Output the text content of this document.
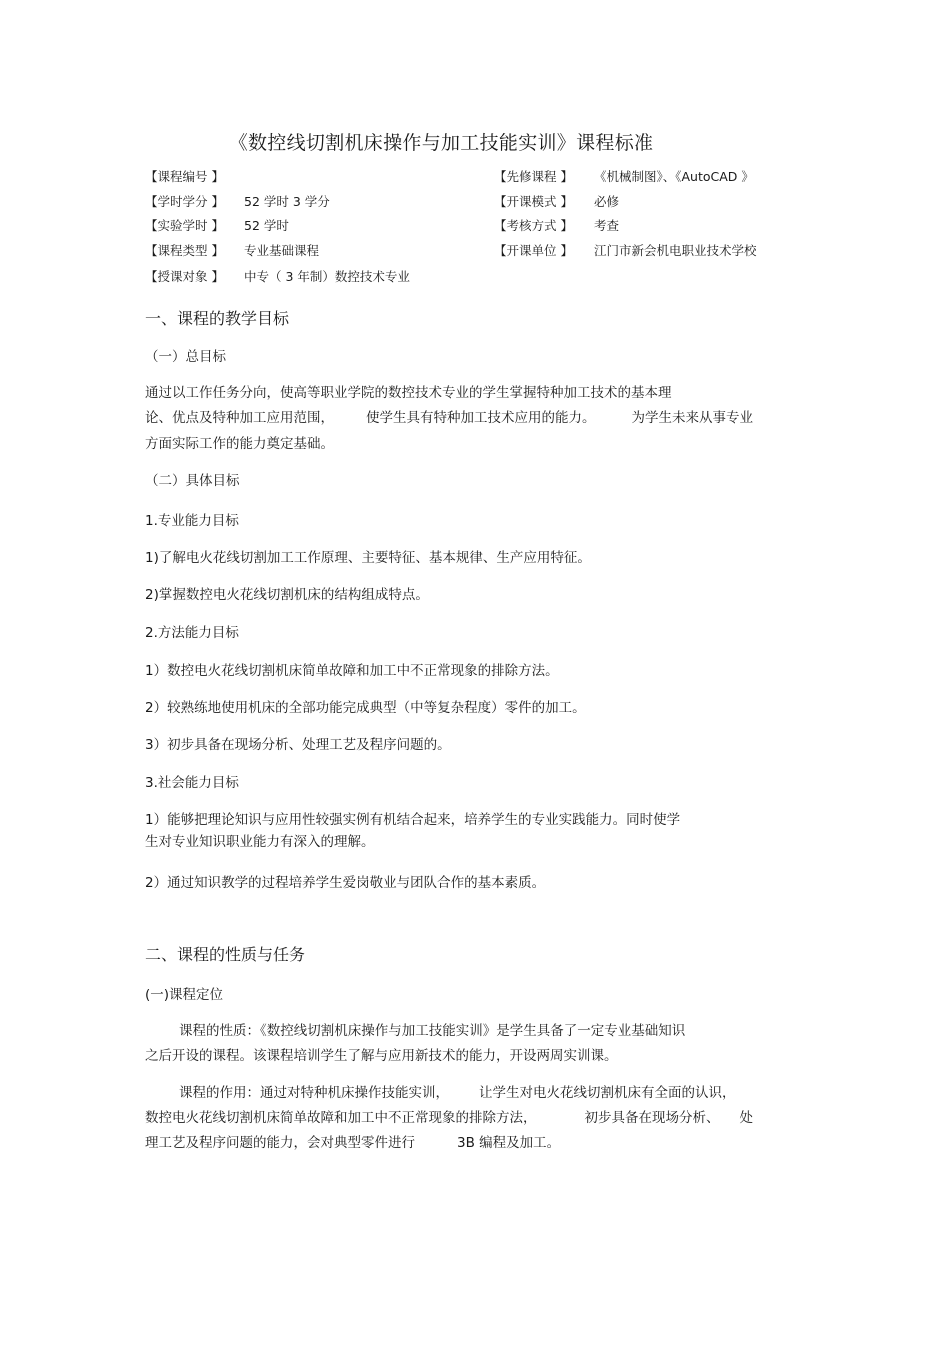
《数控线切割机床操作与加工技能实训》课程标准
【课程编号 】
【学时学分 】 52 学时 3 学分
【实验学时 】 52 学时
【课程类型 】 专业基础课程
【授课对象 】 中专（ 3 年制）数控技术专业
【先修课程 】 《机械制图》、《AutoCAD 》
【开课模式 】 必修
【考核方式 】 考查
【开课单位 】 江门市新会机电职业技术学校
一、课程的教学目标
（一）总目标
通过以工作任务分向，使高等职业学院的数控技术专业的学生掌握特种加工技术的基本理
论、优点及特种加工应用范围， 使学生具有特种加工技术应用的能力。	为学生未来从事专业
方面实际工作的能力奠定基础。
（二）具体目标
1.专业能力目标
1)了解电火花线切割加工工作原理、主要特征、基本规律、生产应用特征。
2)掌握数控电火花线切割机床的结构组成特点。
2.方法能力目标
1）数控电火花线切割机床简单故障和加工中不正常现象的排除方法。
2）较熟练地使用机床的全部功能完成典型（中等复杂程度）零件的加工。
3）初步具备在现场分析、处理工艺及程序问题的。
3.社会能力目标
1）能够把理论知识与应用性较强实例有机结合起来，培养学生的专业实践能力。同时使学
生对专业知识职业能力有深入的理解。
2）通过知识教学的过程培养学生爱岗敬业与团队合作的基本素质。
二、课程的性质与任务
(一)课程定位
课程的性质：《数控线切割机床操作与加工技能实训》是学生具备了一定专业基础知识
之后开设的课程。该课程培训学生了解与应用新技术的能力，开设两周实训课。
课程的作用：通过对特种机床操作技能实训， 让学生对电火花线切割机床有全面的认识，
数控电火花线切割机床简单故障和加工中不正常现象的排除方法，	初步具备在现场分析、 处
理工艺及程序问题的能力，会对典型零件进行	3B 编程及加工。
